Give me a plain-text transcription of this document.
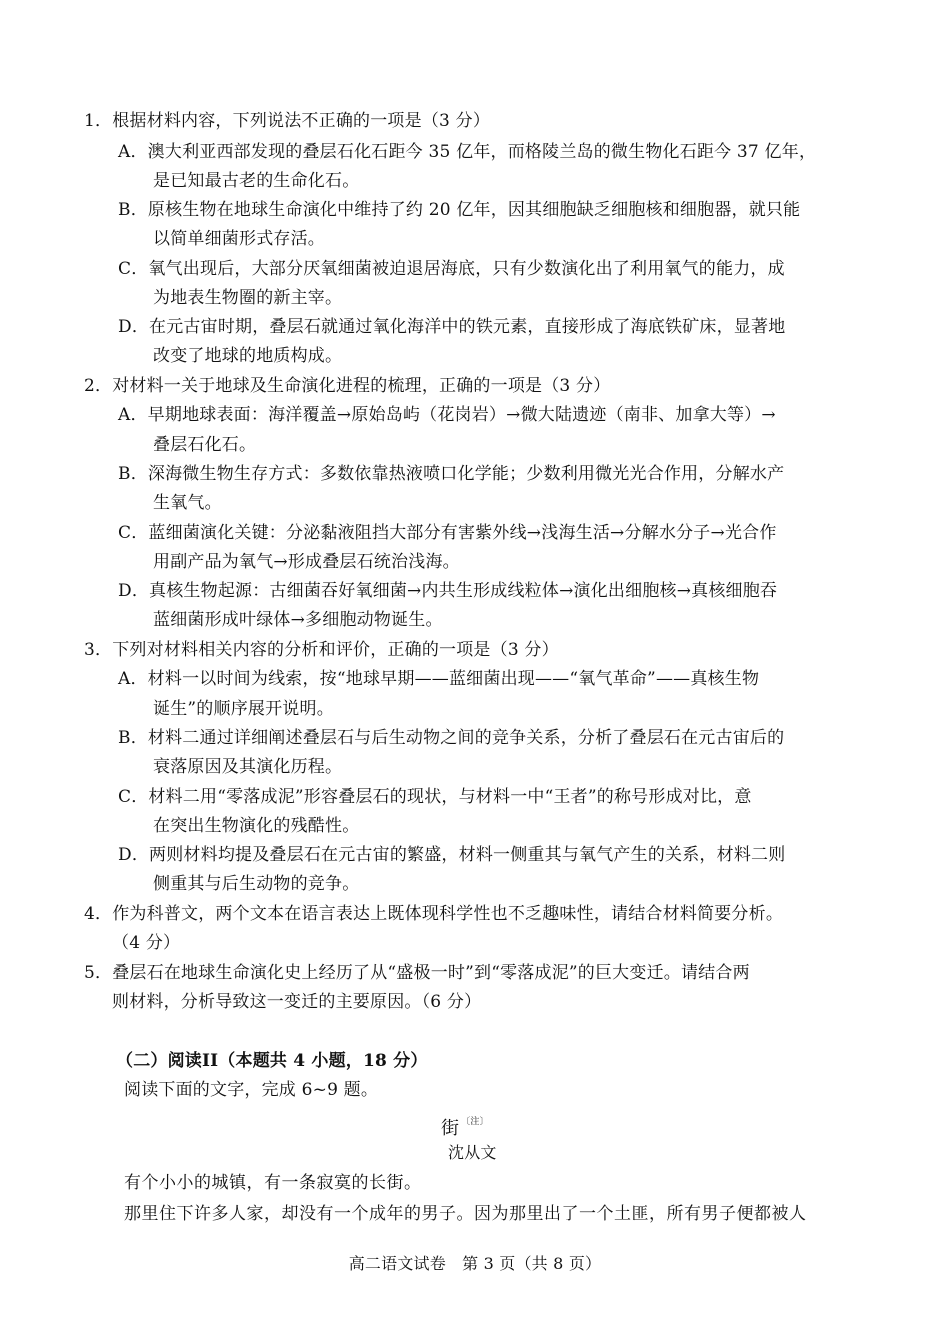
1．根据材料内容，下列说法不正确的一项是（3 分）
A．澳大利亚西部发现的叠层石化石距今 35 亿年，而格陵兰岛的微生物化石距今 37 亿年，
是已知最古老的生命化石。
B．原核生物在地球生命演化中维持了约 20 亿年，因其细胞缺乏细胞核和细胞器，就只能
以简单细菌形式存活。
C．氧气出现后，大部分厌氧细菌被迫退居海底，只有少数演化出了利用氧气的能力，成
为地表生物圈的新主宰。
D．在元古宙时期，叠层石就通过氧化海洋中的铁元素，直接形成了海底铁矿床，显著地
改变了地球的地质构成。
2．对材料一关于地球及生命演化进程的梳理，正确的一项是（3 分）
A．早期地球表面：海洋覆盖→原始岛屿（花岗岩）→微大陆遗迹（南非、加拿大等）→
叠层石化石。
B．深海微生物生存方式：多数依靠热液喷口化学能；少数利用微光光合作用，分解水产
生氧气。
C．蓝细菌演化关键：分泌黏液阻挡大部分有害紫外线→浅海生活→分解水分子→光合作
用副产品为氧气→形成叠层石统治浅海。
D．真核生物起源：古细菌吞好氧细菌→内共生形成线粒体→演化出细胞核→真核细胞吞
蓝细菌形成叶绿体→多细胞动物诞生。
3．下列对材料相关内容的分析和评价，正确的一项是（3 分）
A．材料一以时间为线索，按“地球早期——蓝细菌出现——“氧气革命”——真核生物
诞生”的顺序展开说明。
B．材料二通过详细阐述叠层石与后生动物之间的竞争关系，分析了叠层石在元古宙后的
衰落原因及其演化历程。
C．材料二用“零落成泥”形容叠层石的现状，与材料一中“王者”的称号形成对比，意
在突出生物演化的残酷性。
D．两则材料均提及叠层石在元古宙的繁盛，材料一侧重其与氧气产生的关系，材料二则
侧重其与后生动物的竞争。
4．作为科普文，两个文本在语言表达上既体现科学性也不乏趣味性，请结合材料简要分析。
（4 分）
5．叠层石在地球生命演化史上经历了从“盛极一时”到“零落成泥”的巨大变迁。请结合两
则材料，分析导致这一变迁的主要原因。（6 分）
（二）阅读II（本题共 4 小题，18 分）
阅读下面的文字，完成 6~9 题。
街 $^{〔注〕}$
沈从文
有个小小的城镇，有一条寂寞的长街。
那里住下许多人家，却没有一个成年的男子。因为那里出了一个土匪，所有男子便都被人
高二语文试卷　第 3 页（共 8 页）
